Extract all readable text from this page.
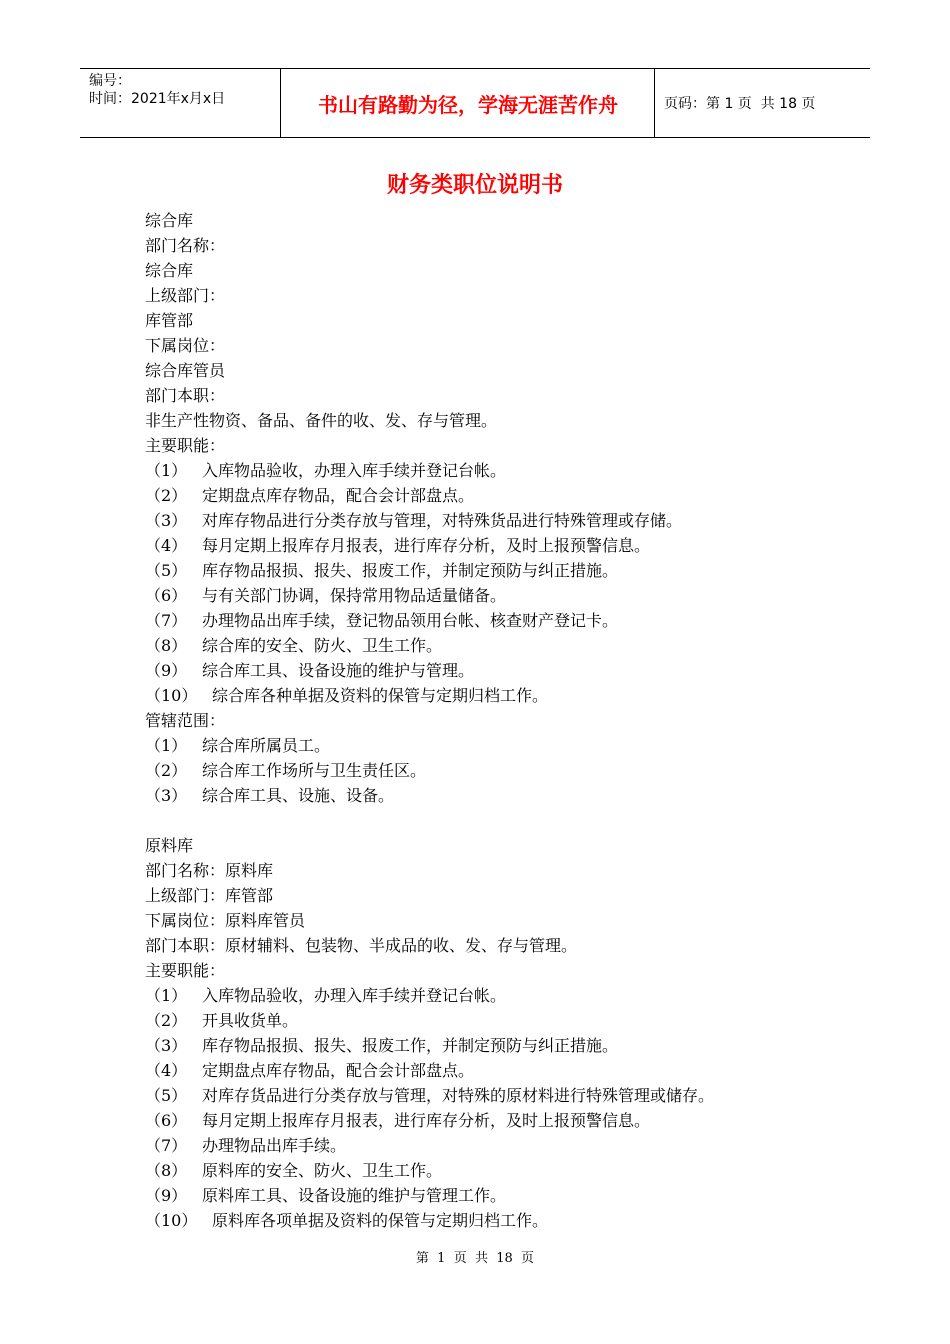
编号：
时间：2021年x月x日	书山有路勤为径，学海无涯苦作舟	页码：第 1 页  共 18 页
财务类职位说明书
综合库
部门名称：
综合库
上级部门：
库管部
下属岗位：
综合库管员
部门本职：
非生产性物资、备品、备件的收、发、存与管理。
主要职能：
（1） 入库物品验收，办理入库手续并登记台帐。
（2） 定期盘点库存物品，配合会计部盘点。
（3） 对库存物品进行分类存放与管理，对特殊货品进行特殊管理或存储。
（4） 每月定期上报库存月报表，进行库存分析，及时上报预警信息。
（5） 库存物品报损、报失、报废工作，并制定预防与纠正措施。
（6） 与有关部门协调，保持常用物品适量储备。
（7） 办理物品出库手续，登记物品领用台帐、核查财产登记卡。
（8） 综合库的安全、防火、卫生工作。
（9） 综合库工具、设备设施的维护与管理。
（10） 综合库各种单据及资料的保管与定期归档工作。
管辖范围：
（1） 综合库所属员工。
（2） 综合库工作场所与卫生责任区。
（3） 综合库工具、设施、设备。
原料库
部门名称：原料库
上级部门：库管部
下属岗位：原料库管员
部门本职：原材辅料、包装物、半成品的收、发、存与管理。
主要职能：
（1） 入库物品验收，办理入库手续并登记台帐。
（2） 开具收货单。
（3） 库存物品报损、报失、报废工作，并制定预防与纠正措施。
（4） 定期盘点库存物品，配合会计部盘点。
（5） 对库存货品进行分类存放与管理，对特殊的原材料进行特殊管理或储存。
（6） 每月定期上报库存月报表，进行库存分析，及时上报预警信息。
（7） 办理物品出库手续。
（8） 原料库的安全、防火、卫生工作。
（9） 原料库工具、设备设施的维护与管理工作。
（10） 原料库各项单据及资料的保管与定期归档工作。
第  1  页  共  18  页
